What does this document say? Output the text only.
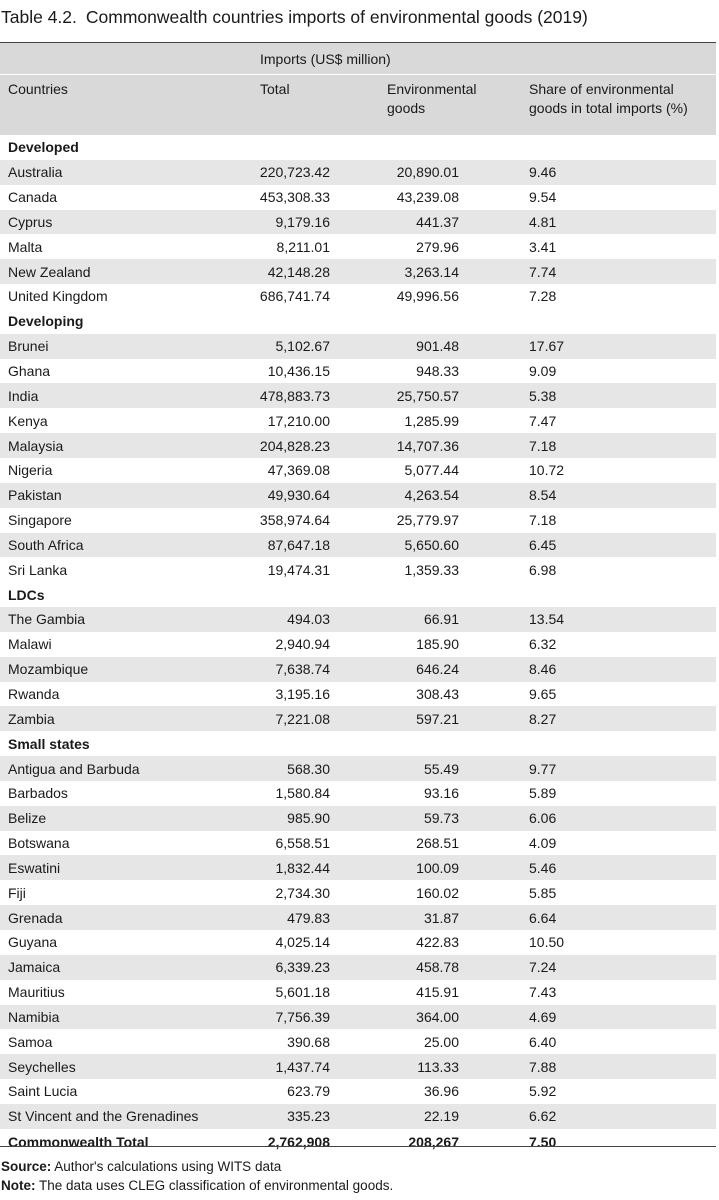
Table 4.2. Commonwealth countries imports of environmental goods (2019)
	Imports (US$ million)		
Countries	Total	Environmental goods	Share of environmental goods in total imports (%)

Developed			
Australia	220,723.42	20,890.01	9.46
Canada	453,308.33	43,239.08	9.54
Cyprus	9,179.16	441.37	4.81
Malta	8,211.01	279.96	3.41
New Zealand	42,148.28	3,263.14	7.74
United Kingdom	686,741.74	49,996.56	7.28
Developing			
Brunei	5,102.67	901.48	17.67
Ghana	10,436.15	948.33	9.09
India	478,883.73	25,750.57	5.38
Kenya	17,210.00	1,285.99	7.47
Malaysia	204,828.23	14,707.36	7.18
Nigeria	47,369.08	5,077.44	10.72
Pakistan	49,930.64	4,263.54	8.54
Singapore	358,974.64	25,779.97	7.18
South Africa	87,647.18	5,650.60	6.45
Sri Lanka	19,474.31	1,359.33	6.98
LDCs			
The Gambia	494.03	66.91	13.54
Malawi	2,940.94	185.90	6.32
Mozambique	7,638.74	646.24	8.46
Rwanda	3,195.16	308.43	9.65
Zambia	7,221.08	597.21	8.27
Small states			
Antigua and Barbuda	568.30	55.49	9.77
Barbados	1,580.84	93.16	5.89
Belize	985.90	59.73	6.06
Botswana	6,558.51	268.51	4.09
Eswatini	1,832.44	100.09	5.46
Fiji	2,734.30	160.02	5.85
Grenada	479.83	31.87	6.64
Guyana	4,025.14	422.83	10.50
Jamaica	6,339.23	458.78	7.24
Mauritius	5,601.18	415.91	7.43
Namibia	7,756.39	364.00	4.69
Samoa	390.68	25.00	6.40
Seychelles	1,437.74	113.33	7.88
Saint Lucia	623.79	36.96	5.92
St Vincent and the Grenadines	335.23	22.19	6.62
Commonwealth Total	2,762,908	208,267	7.50
Source: Author's calculations using WITS data
Note: The data uses CLEG classification of environmental goods.
